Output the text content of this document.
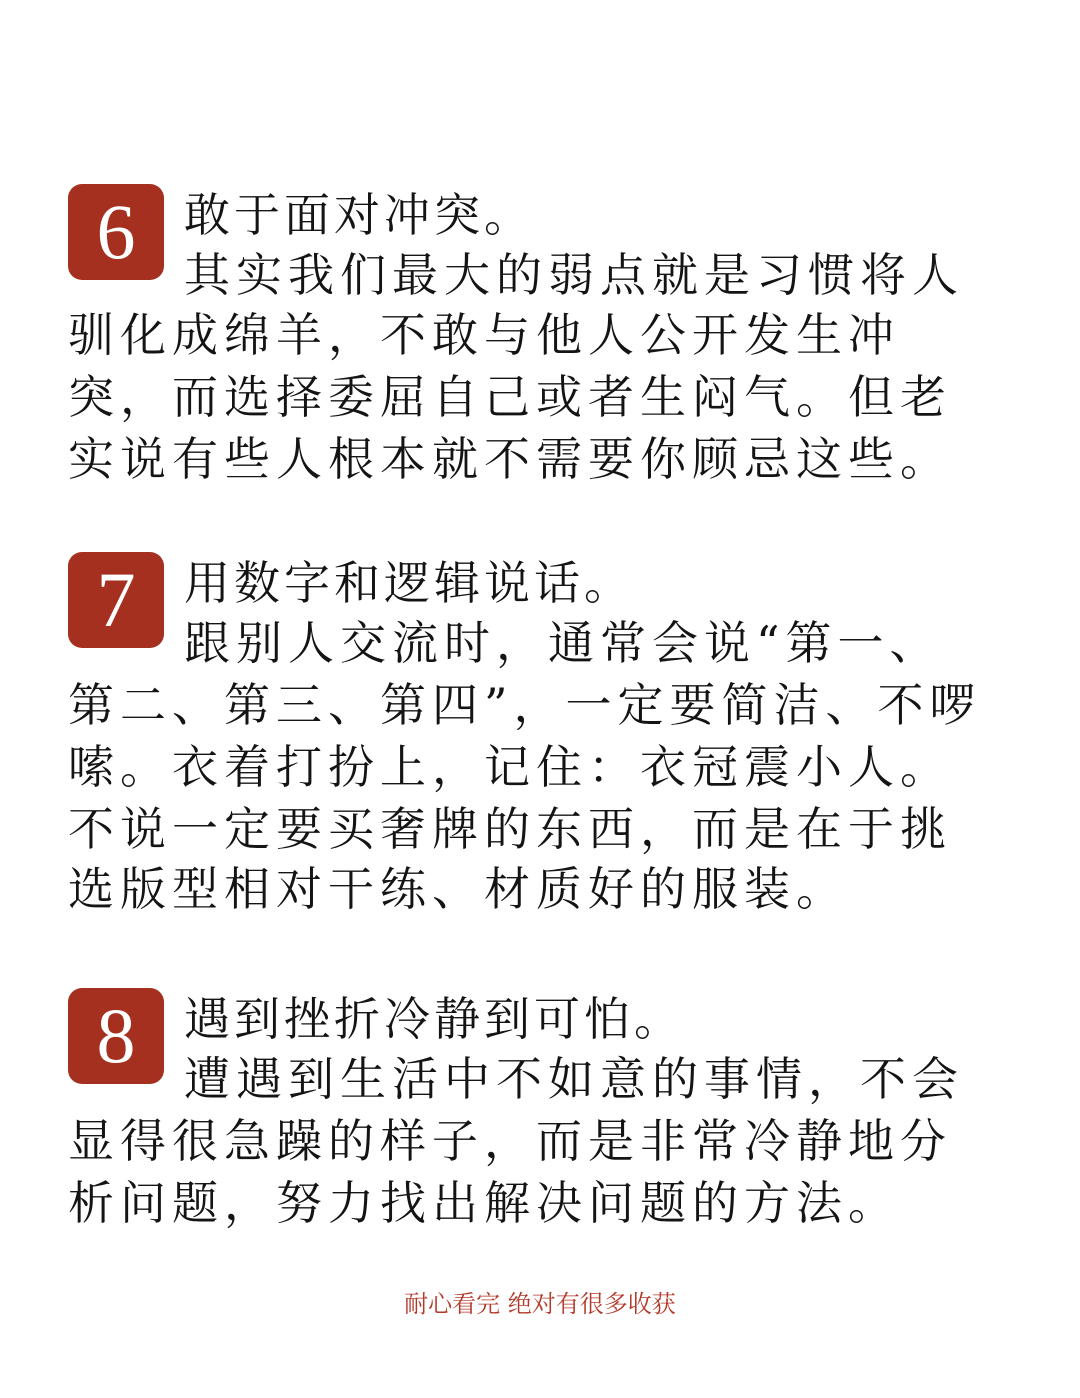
6	敢于面对冲突。
其实我们最大的弱点就是习惯将人
驯化成绵羊，不敢与他人公开发生冲
突，而选择委屈自己或者生闷气。但老
实说有些人根本就不需要你顾忌这些。
7	用数字和逻辑说话。
跟别人交流时，通常会说“第一、
第二、第三、第四”，一定要简洁、不啰
嗦。衣着打扮上，记住：衣冠震小人。
不说一定要买奢牌的东西，而是在于挑
选版型相对干练、材质好的服装。
8	遇到挫折冷静到可怕。
遭遇到生活中不如意的事情，不会
显得很急躁的样子，而是非常冷静地分
析问题，努力找出解决问题的方法。
耐心看完 绝对有很多收获
